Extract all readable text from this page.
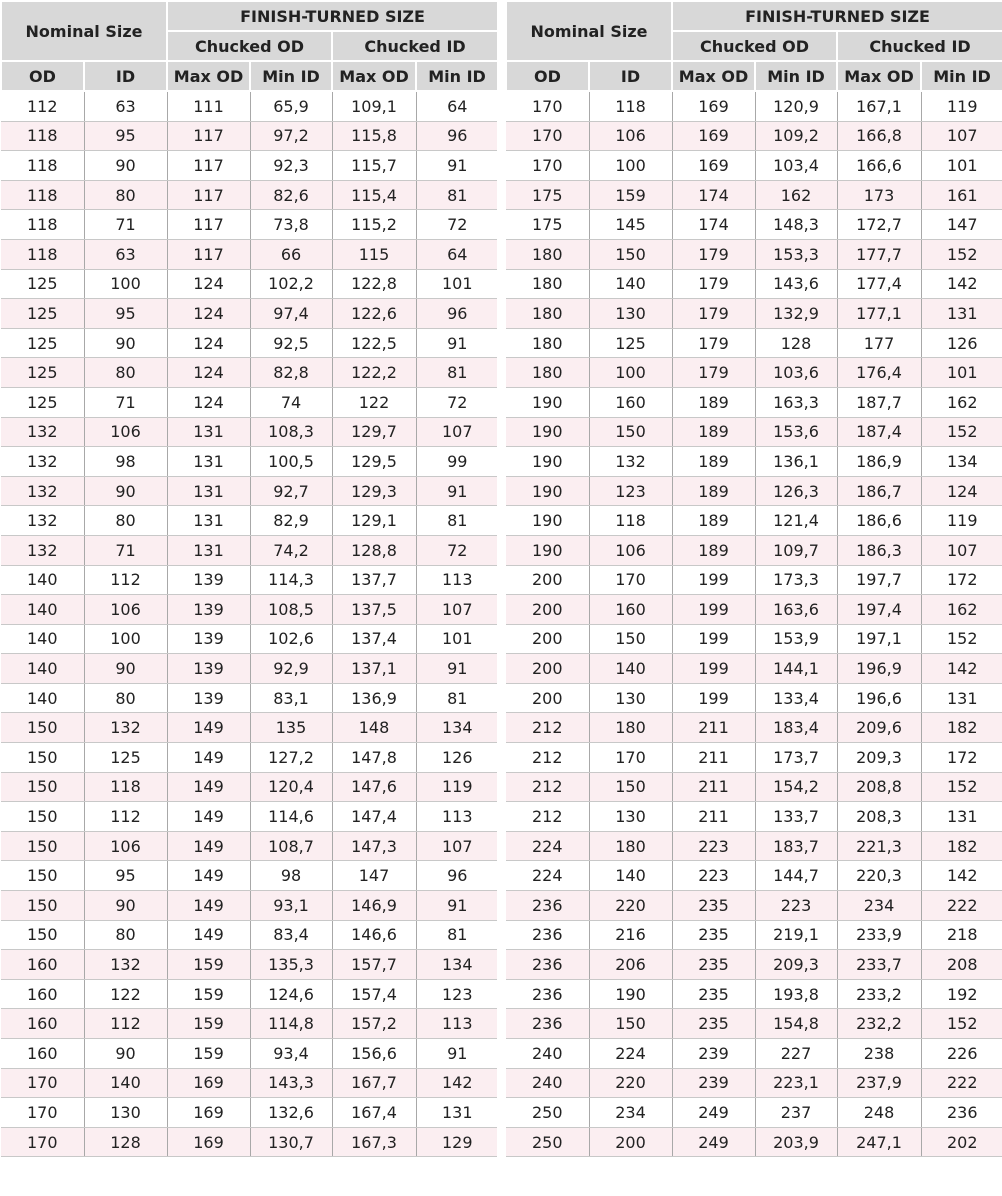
Nominal Size		FINISH-TURNED SIZE			
		Chucked OD		Chucked ID	
OD	ID	Max OD	Min ID	Max OD	Min ID
112	63	111	65,9	109,1	64
118	95	117	97,2	115,8	96
118	90	117	92,3	115,7	91
118	80	117	82,6	115,4	81
118	71	117	73,8	115,2	72
118	63	117	66	115	64
125	100	124	102,2	122,8	101
125	95	124	97,4	122,6	96
125	90	124	92,5	122,5	91
125	80	124	82,8	122,2	81
125	71	124	74	122	72
132	106	131	108,3	129,7	107
132	98	131	100,5	129,5	99
132	90	131	92,7	129,3	91
132	80	131	82,9	129,1	81
132	71	131	74,2	128,8	72
140	112	139	114,3	137,7	113
140	106	139	108,5	137,5	107
140	100	139	102,6	137,4	101
140	90	139	92,9	137,1	91
140	80	139	83,1	136,9	81
150	132	149	135	148	134
150	125	149	127,2	147,8	126
150	118	149	120,4	147,6	119
150	112	149	114,6	147,4	113
150	106	149	108,7	147,3	107
150	95	149	98	147	96
150	90	149	93,1	146,9	91
150	80	149	83,4	146,6	81
160	132	159	135,3	157,7	134
160	122	159	124,6	157,4	123
160	112	159	114,8	157,2	113
160	90	159	93,4	156,6	91
170	140	169	143,3	167,7	142
170	130	169	132,6	167,4	131
170	128	169	130,7	167,3	129
Nominal Size		FINISH-TURNED SIZE			
		Chucked OD		Chucked ID	
OD	ID	Max OD	Min ID	Max OD	Min ID
170	118	169	120,9	167,1	119
170	106	169	109,2	166,8	107
170	100	169	103,4	166,6	101
175	159	174	162	173	161
175	145	174	148,3	172,7	147
180	150	179	153,3	177,7	152
180	140	179	143,6	177,4	142
180	130	179	132,9	177,1	131
180	125	179	128	177	126
180	100	179	103,6	176,4	101
190	160	189	163,3	187,7	162
190	150	189	153,6	187,4	152
190	132	189	136,1	186,9	134
190	123	189	126,3	186,7	124
190	118	189	121,4	186,6	119
190	106	189	109,7	186,3	107
200	170	199	173,3	197,7	172
200	160	199	163,6	197,4	162
200	150	199	153,9	197,1	152
200	140	199	144,1	196,9	142
200	130	199	133,4	196,6	131
212	180	211	183,4	209,6	182
212	170	211	173,7	209,3	172
212	150	211	154,2	208,8	152
212	130	211	133,7	208,3	131
224	180	223	183,7	221,3	182
224	140	223	144,7	220,3	142
236	220	235	223	234	222
236	216	235	219,1	233,9	218
236	206	235	209,3	233,7	208
236	190	235	193,8	233,2	192
236	150	235	154,8	232,2	152
240	224	239	227	238	226
240	220	239	223,1	237,9	222
250	234	249	237	248	236
250	200	249	203,9	247,1	202
